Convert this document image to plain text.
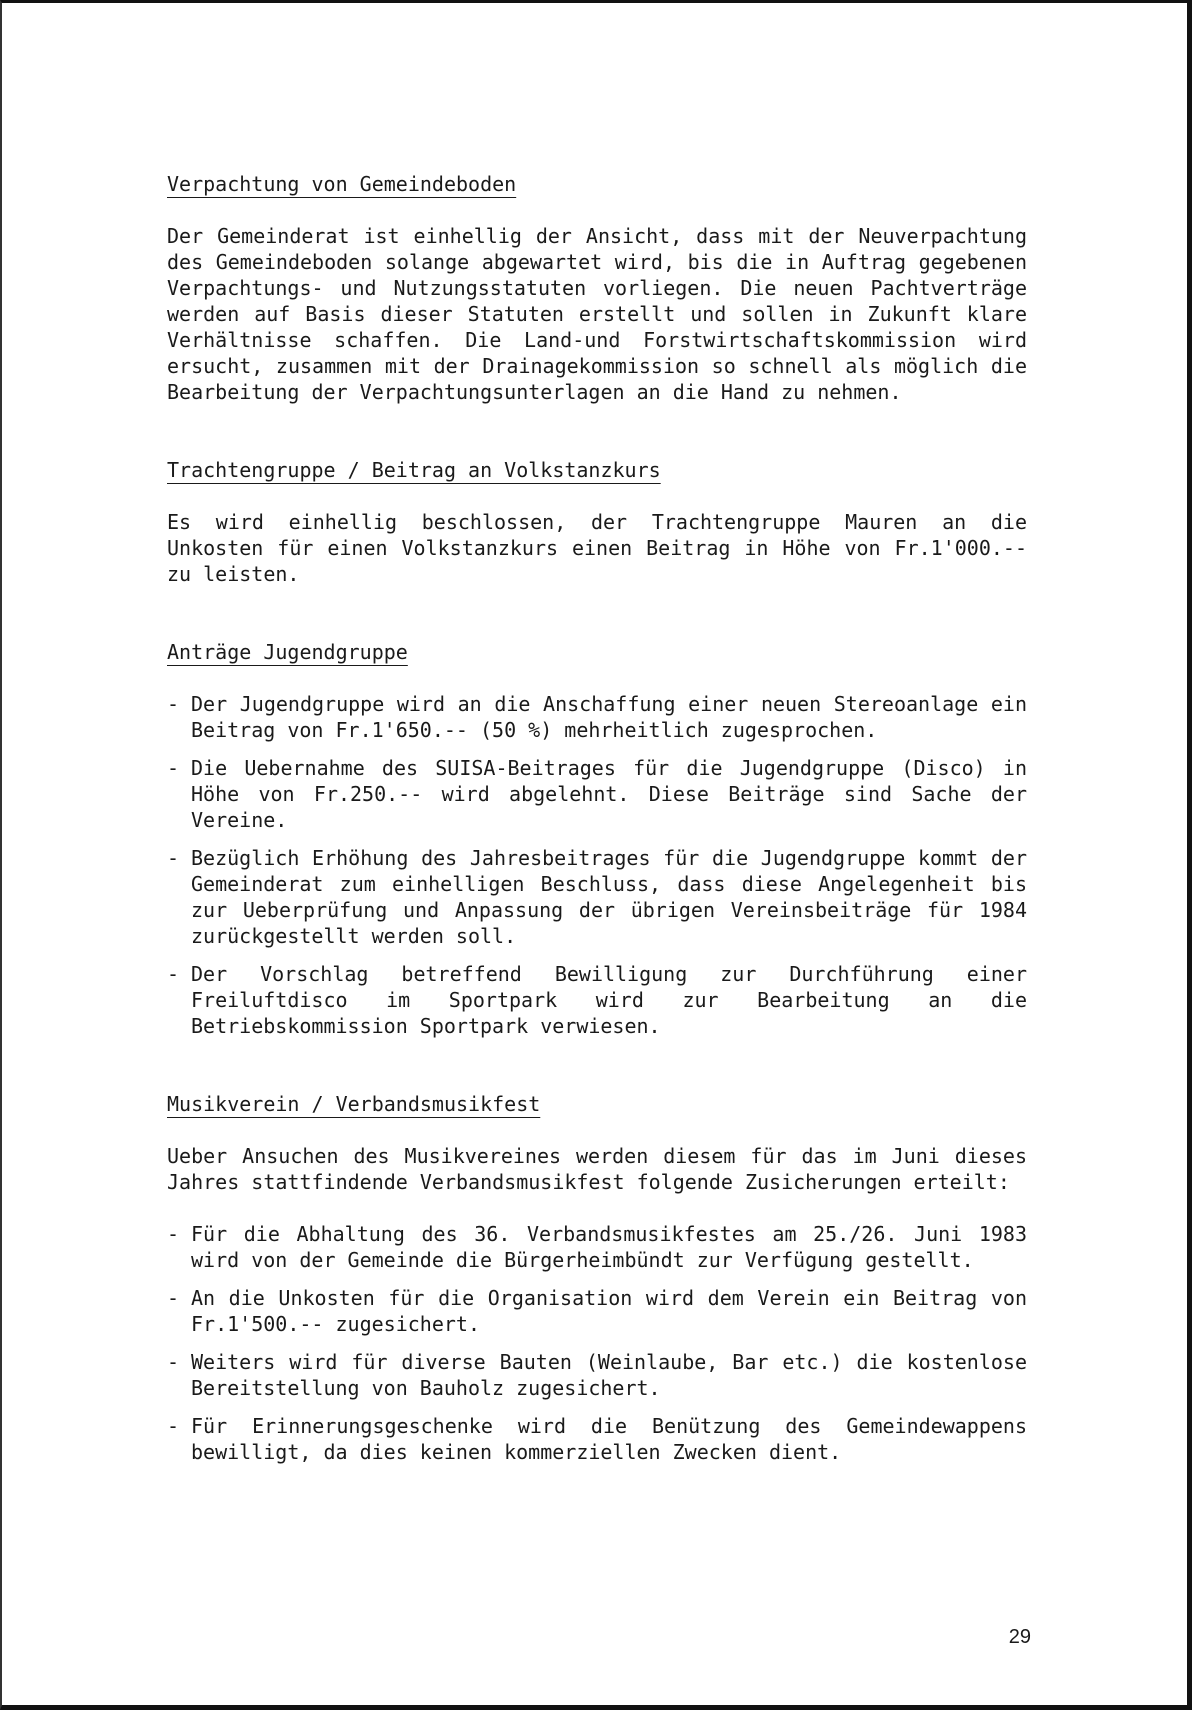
Verpachtung von Gemeindeboden

Der Gemeinderat ist einhellig der Ansicht, dass mit der Neuverpachtung des Gemeindeboden solange abgewartet wird, bis die in Auftrag gegebenen Verpachtungs- und Nutzungsstatuten vorliegen. Die neuen Pachtverträge werden auf Basis dieser Statuten erstellt und sollen in Zukunft klare Verhältnisse schaffen. Die Land-und Forstwirtschaftskommission wird ersucht, zusammen mit der Drainagekommission so schnell als möglich die Bearbeitung der Verpachtungsunterlagen an die Hand zu nehmen.

Trachtengruppe / Beitrag an Volkstanzkurs

Es wird einhellig beschlossen, der Trachtengruppe Mauren an die Unkosten für einen Volkstanzkurs einen Beitrag in Höhe von Fr.1'000.-- zu leisten.

Anträge Jugendgruppe
- Der Jugendgruppe wird an die Anschaffung einer neuen Stereoanlage ein Beitrag von Fr.1'650.-- (50 %) mehrheitlich zugesprochen.
- Die Uebernahme des SUISA-Beitrages für die Jugendgruppe (Disco) in Höhe von Fr.250.-- wird abgelehnt. Diese Beiträge sind Sache der Vereine.
- Bezüglich Erhöhung des Jahresbeitrages für die Jugendgruppe kommt der Gemeinderat zum einhelligen Beschluss, dass diese Angelegenheit bis zur Ueberprüfung und Anpassung der übrigen Vereinsbeiträge für 1984 zurückgestellt werden soll.
- Der Vorschlag betreffend Bewilligung zur Durchführung einer Freiluftdisco im Sportpark wird zur Bearbeitung an die Betriebskommission Sportpark verwiesen.
Musikverein / Verbandsmusikfest

Ueber Ansuchen des Musikvereines werden diesem für das im Juni dieses Jahres stattfindende Verbandsmusikfest folgende Zusicherungen erteilt:

- Für die Abhaltung des 36. Verbandsmusikfestes am 25./26. Juni 1983 wird von der Gemeinde die Bürgerheimbündt zur Verfügung gestellt.
- An die Unkosten für die Organisation wird dem Verein ein Beitrag von Fr.1'500.-- zugesichert.
- Weiters wird für diverse Bauten (Weinlaube, Bar etc.) die kostenlose Bereitstellung von Bauholz zugesichert.
- Für Erinnerungsgeschenke wird die Benützung des Gemeindewappens bewilligt, da dies keinen kommerziellen Zwecken dient.
29
